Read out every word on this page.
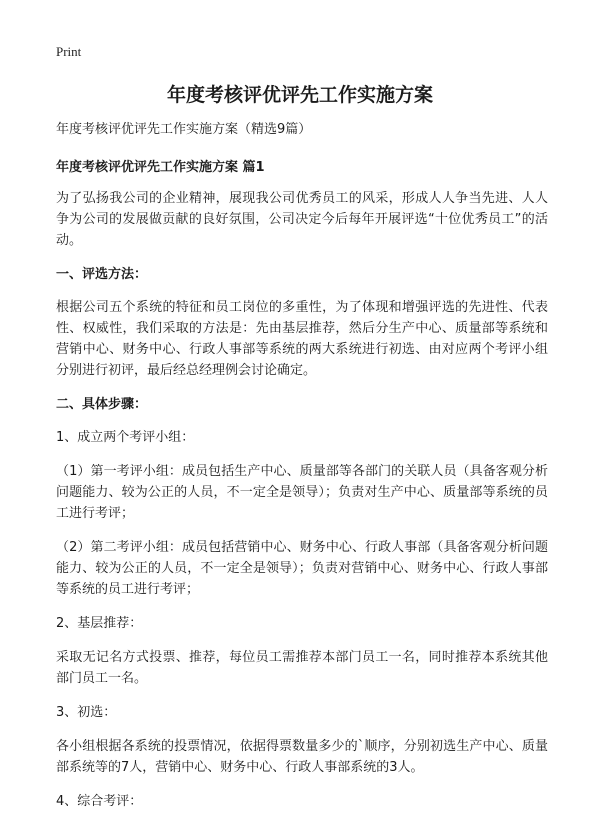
Print
年度考核评优评先工作实施方案
年度考核评优评先工作实施方案（精选9篇）
年度考核评优评先工作实施方案 篇1

为了弘扬我公司的企业精神，展现我公司优秀员工的风采，形成人人争当先进、人人争为公司的发展做贡献的良好氛围，公司决定今后每年开展评选“十位优秀员工”的活动。

一、评选方法：

根据公司五个系统的特征和员工岗位的多重性，为了体现和增强评选的先进性、代表性、权威性，我们采取的方法是：先由基层推荐，然后分生产中心、质量部等系统和营销中心、财务中心、行政人事部等系统的两大系统进行初选、由对应两个考评小组分别进行初评，最后经总经理例会讨论确定。

二、具体步骤：

1、成立两个考评小组：

（1）第一考评小组：成员包括生产中心、质量部等各部门的关联人员（具备客观分析问题能力、较为公正的人员，不一定全是领导）；负责对生产中心、质量部等系统的员工进行考评；

（2）第二考评小组：成员包括营销中心、财务中心、行政人事部（具备客观分析问题能力、较为公正的人员，不一定全是领导）；负责对营销中心、财务中心、行政人事部等系统的员工进行考评；

2、基层推荐：

采取无记名方式投票、推荐，每位员工需推荐本部门员工一名，同时推荐本系统其他部门员工一名。

3、初选：

各小组根据各系统的投票情况，依据得票数量多少的`顺序，分别初选生产中心、质量部系统等的7人，营销中心、财务中心、行政人事部系统的3人。

4、综合考评：
